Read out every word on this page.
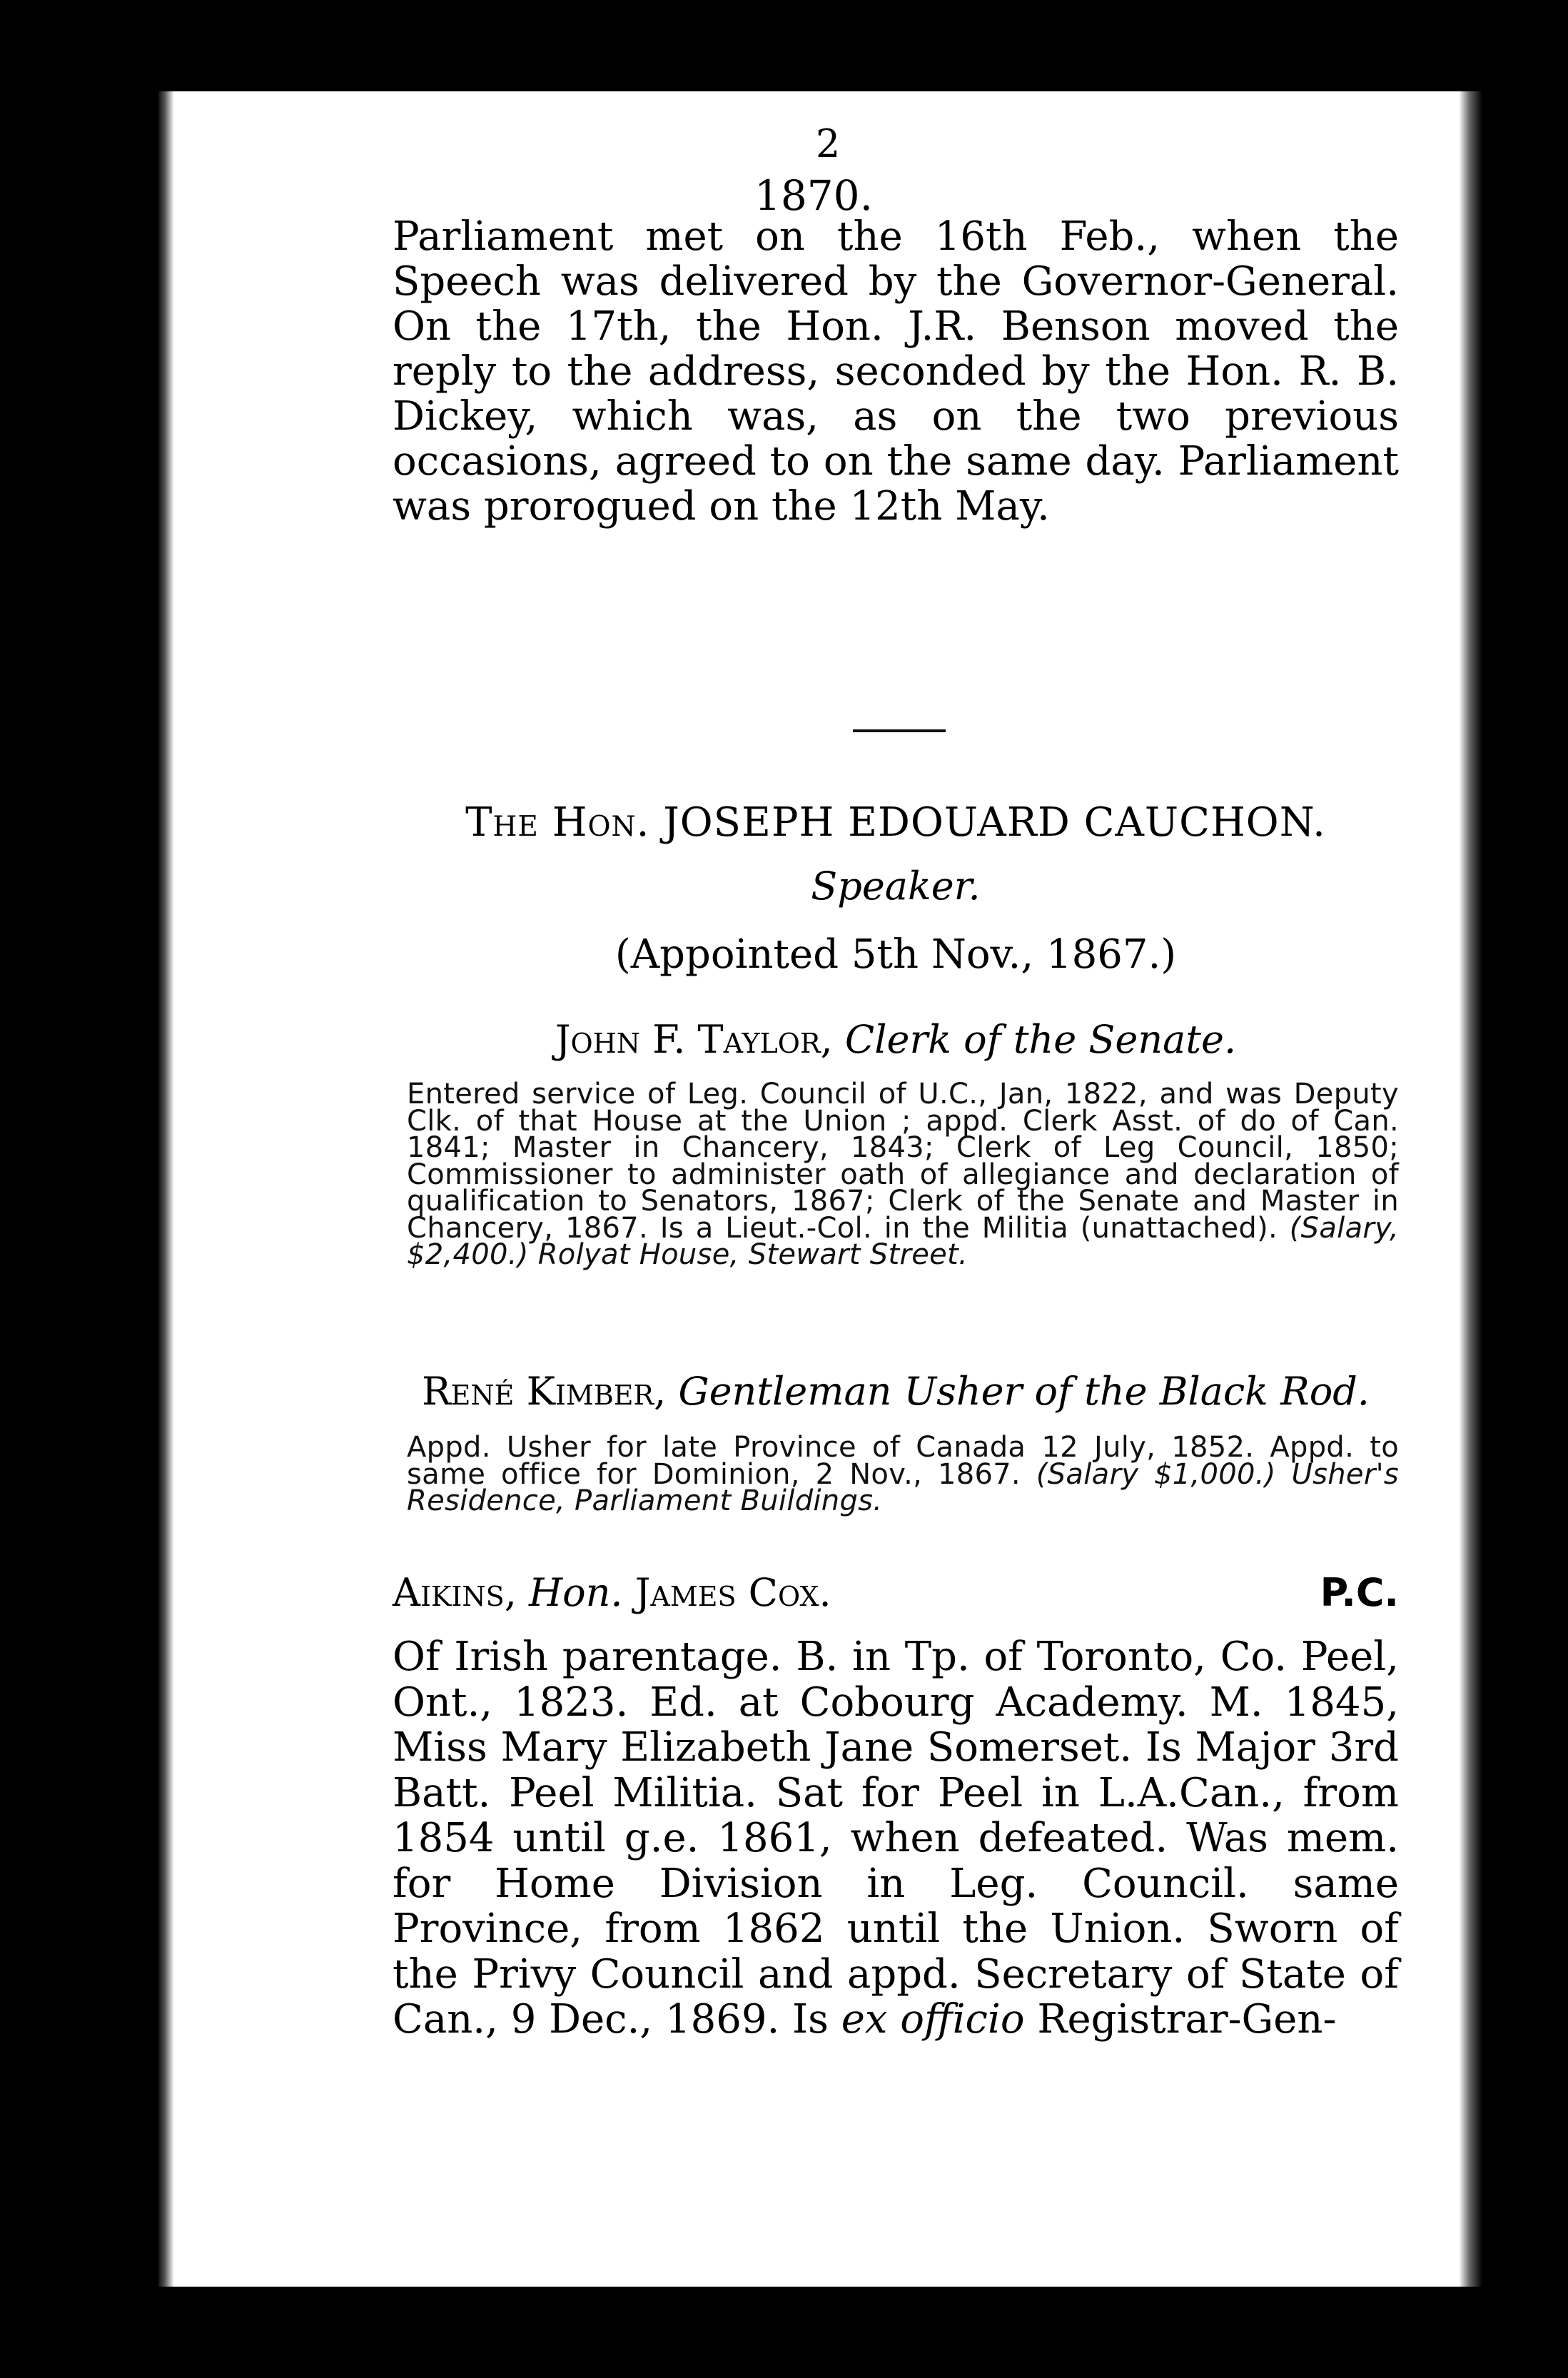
2
1870.
Parliament met on the 16th Feb., when the Speech was delivered by the Governor-General. On the 17th, the Hon. J.R. Benson moved the reply to the address, seconded by the Hon. R. B. Dickey, which was, as on the two previous occasions, agreed to on the same day. Parliament was prorogued on the 12th May.
The Hon. JOSEPH EDOUARD CAUCHON.
Speaker.
(Appointed 5th Nov., 1867.)
John F. Taylor, Clerk of the Senate.
Entered service of Leg. Council of U.C., Jan, 1822, and was Deputy Clk. of that House at the Union ; appd. Clerk Asst. of do of Can. 1841; Master in Chancery, 1843; Clerk of Leg Council, 1850; Commissioner to administer oath of allegiance and declaration of qualification to Senators, 1867; Clerk of the Senate and Master in Chancery, 1867. Is a Lieut.-Col. in the Militia (unattached). (Salary, $2,400.) Rolyat House, Stewart Street.
René Kimber, Gentleman Usher of the Black Rod.
Appd. Usher for late Province of Canada 12 July, 1852. Appd. to same office for Dominion, 2 Nov., 1867. (Salary $1,000.) Usher's Residence, Parliament Buildings.
Aikins, Hon. James Cox.	P.C.
Of Irish parentage. B. in Tp. of Toronto, Co. Peel, Ont., 1823. Ed. at Cobourg Academy. M. 1845, Miss Mary Elizabeth Jane Somerset. Is Major 3rd Batt. Peel Militia. Sat for Peel in L.A.Can., from 1854 until g.e. 1861, when defeated. Was mem. for Home Division in Leg. Council. same Province, from 1862 until the Union. Sworn of the Privy Council and appd. Secretary of State of Can., 9 Dec., 1869. Is ex officio Registrar-Gen-
